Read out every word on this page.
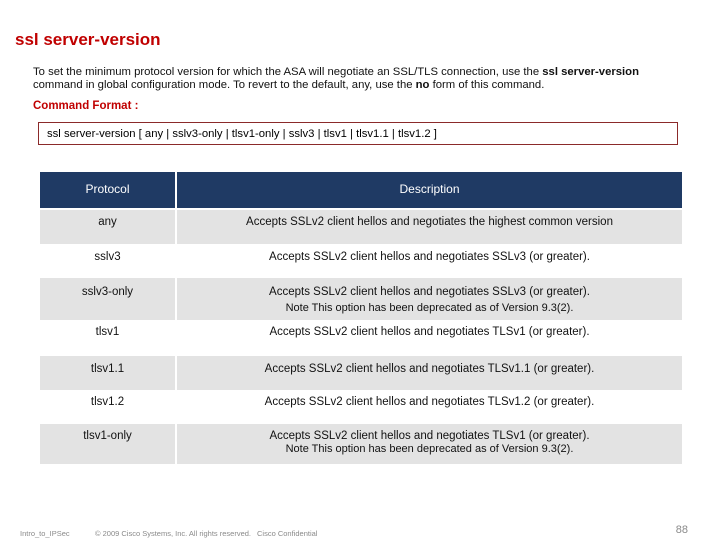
ssl server-version
To set the minimum protocol version for which the ASA will negotiate an SSL/TLS connection, use the ssl server-version command in global configuration mode. To revert to the default, any, use the no form of this command.
Command Format :
ssl server-version [ any | sslv3-only | tlsv1-only | sslv3 | tlsv1 | tlsv1.1 | tlsv1.2 ]
Protocol	Description
any	Accepts SSLv2 client hellos and negotiates the highest common version
sslv3	Accepts SSLv2 client hellos and negotiates SSLv3 (or greater).
sslv3-only	Accepts SSLv2 client hellos and negotiates SSLv3 (or greater).
Note This option has been deprecated as of Version 9.3(2).
tlsv1	Accepts SSLv2 client hellos and negotiates TLSv1 (or greater).
tlsv1.1	Accepts SSLv2 client hellos and negotiates TLSv1.1 (or greater).
tlsv1.2	Accepts SSLv2 client hellos and negotiates TLSv1.2 (or greater).
tlsv1-only	Accepts SSLv2 client hellos and negotiates TLSv1 (or greater).
Note This option has been deprecated as of Version 9.3(2).
Intro_to_IPSec	© 2009 Cisco Systems, Inc. All rights reserved. Cisco Confidential	88
